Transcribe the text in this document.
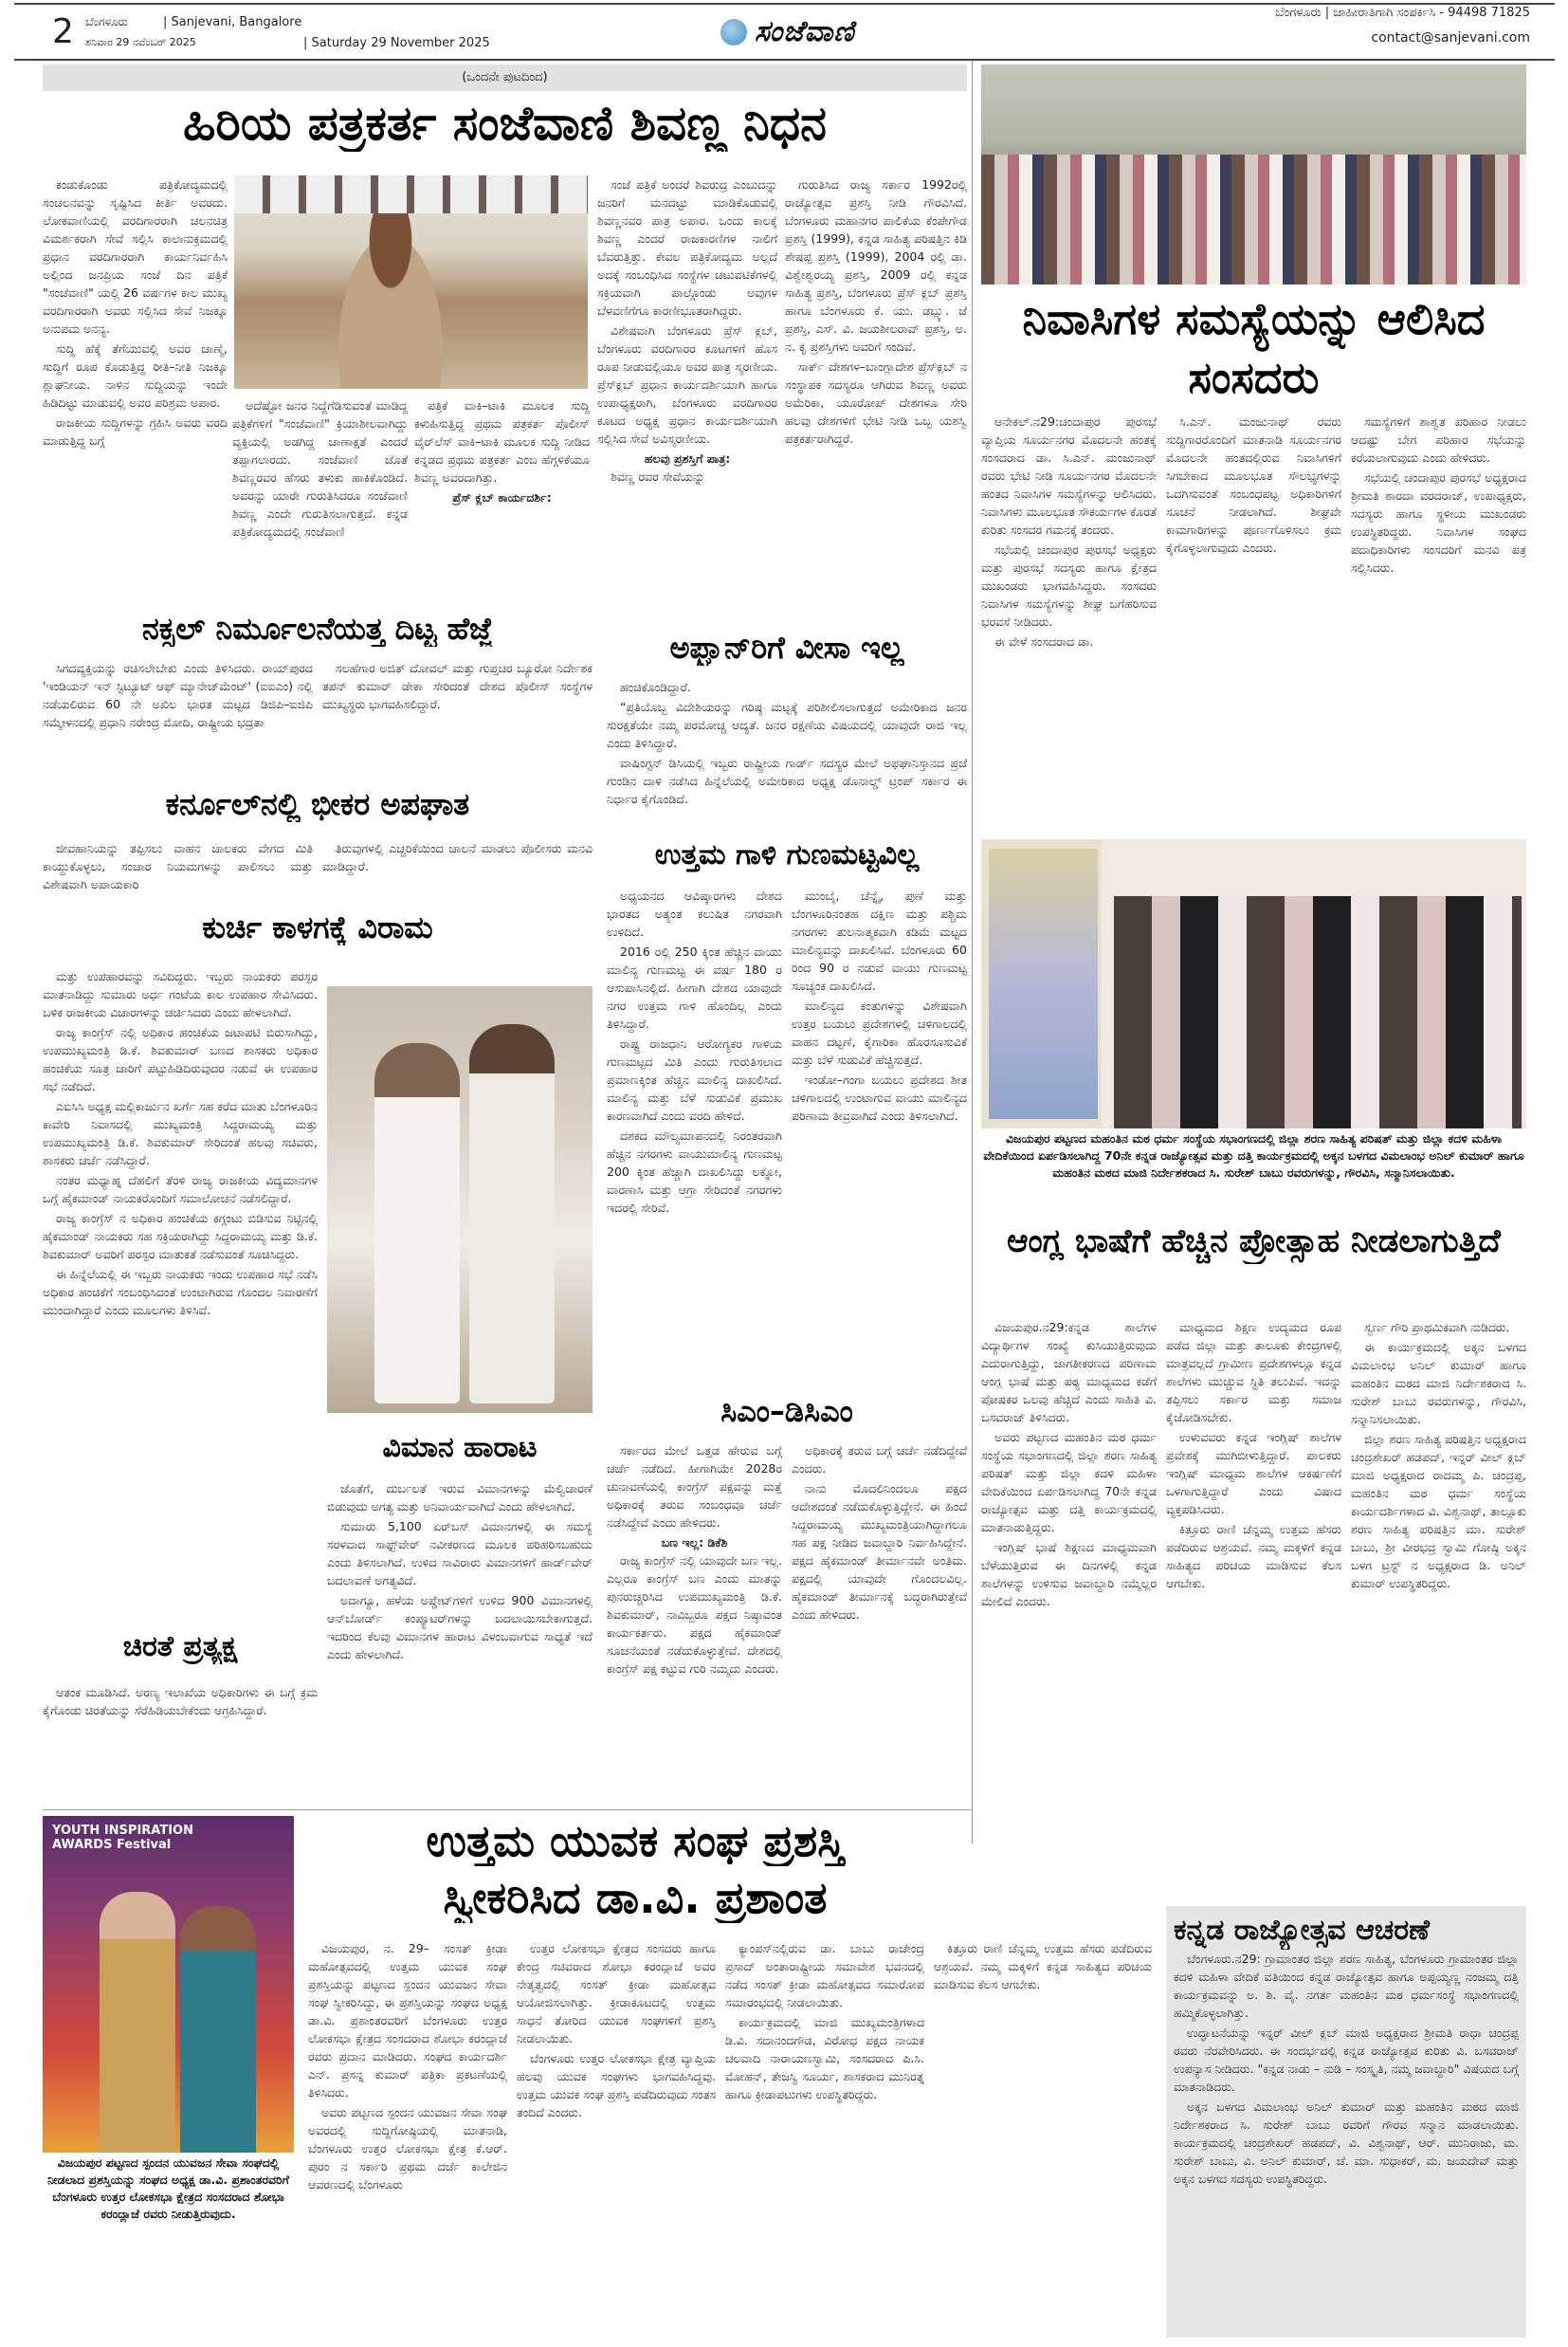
2 ಬೆಂಗಳೂರು	| Sanjevani, Bangalore
ಶನಿವಾರ 29 ನವೆಂಬರ್ 2025	| Saturday 29 November 2025	ಸಂಜೆವಾಣಿ
ಬೆಂಗಳೂರು | ಜಾಹೀರಾತಿಗಾಗಿ ಸಂಪರ್ಕಿಸಿ - 94498 71825
contact@sanjevani.com
(ಒಂದನೇ ಪುಟದಿಂದ)
ಹಿರಿಯ ಪತ್ರಕರ್ತ ಸಂಜೆವಾಣಿ ಶಿವಣ್ಣ ನಿಧನ

ಕಂಡುಕೊಂಡು ಪತ್ರಿಕೋದ್ಯಮದಲ್ಲಿ ಸಂಚಲನವನ್ನು ಸೃಷ್ಟಿಸಿದ ಕೀರ್ತಿ ಅವರದು. ಲೋಕವಾಣಿಯಲ್ಲಿ ವರದಿಗಾರರಾಗಿ ಚಲನಚಿತ್ರ ವಿಮರ್ಶಕರಾಗಿ ಸೇವೆ ಸಲ್ಲಿಸಿ ಕಾಲಾನುಕ್ರಮದಲ್ಲಿ ಪ್ರಧಾನ ವರದಿಗಾರರಾಗಿ ಕಾರ್ಯನಿರ್ವಹಿಸಿ ಅಲ್ಲಿಂದ ಜನಪ್ರಿಯ ಸಂಜೆ ದಿನ ಪತ್ರಿಕೆ "ಸಂಜೆವಾಣಿ" ಯಲ್ಲಿ 26 ವರ್ಷಗಳ ಕಾಲ ಮುಖ್ಯ ವರದಿಗಾರರಾಗಿ ಅವರು ಸಲ್ಲಿಸಿದ ಸೇವೆ ನಿಜಕ್ಕೂ ಅನುಪಮ ಅನನ್ಯ.

ಸುದ್ದಿ ಹೆಕ್ಕೆ ತೆಗೆಯುವಲ್ಲಿ ಅವರ ಜಾಣ್ಮೆ, ಸುದ್ದಿಗೆ ರೂಪ ಕೊಡುತ್ತಿದ್ದ ರೀತಿ–ನೀತಿ ನಿಜಕ್ಕೂ ಶ್ಲಾಘನೀಯ. ನಾಳಿನ ಸುದ್ದಿಯನ್ನು ಇಂದೇ ಹಿಡಿದಿಟ್ಟು ಮಾಡುವಲ್ಲಿ ಅವರ ಪರಿಶ್ರಮ ಅಪಾರ.

ರಾಜಕೀಯ ಸುದ್ದಿಗಳನ್ನು ಗ್ರಹಿಸಿ ಅವರು ವರದಿ ಮಾಡುತ್ತಿದ್ದ ಬಗ್ಗೆ

ಅದೆಷ್ಟೋ ಜನರ ನಿದ್ದೆಗೆಡಿಸುವಂತೆ ಮಾಡಿದ್ದ ಪತ್ರಿಕೆಗಳಿಗೆ "ಸಂಜೆವಾಣಿ" ಕ್ರಿಯಾಶೀಲವಾಗಿದ್ದು ವ್ಯಕ್ತಿಯಲ್ಲಿ ಅಡಗಿದ್ದ ಚಾಣಾಕ್ಷತೆ ಎಂದರೆ ತಪ್ಪಾಗಲಾರದು. ಸಂಜೆವಾಣಿ ಜೊತೆ ಶಿವಣ್ಣರವರ ಹೆಸರು ತಳುಕು ಹಾಕಿಕೊಂಡಿದೆ. ಅವರನ್ನು ಯಾರೇ ಗುರುತಿಸಿದರೂ ಸಂಜೆವಾಣಿ ಶಿವಣ್ಣ ಎಂದೇ ಗುರುತಿಸಲಾಗುತ್ತದೆ. ಕನ್ನಡ ಪತ್ರಿಕೋದ್ಯಮದಲ್ಲಿ ಸಂಜೆವಾಣಿ

ಪತ್ರಿಕೆ ವಾಕಿ–ಟಾಕಿ ಮೂಲಕ ಸುದ್ದಿ ಕಳುಹಿಸುತ್ತಿದ್ದ ಪ್ರಥಮ ಪತ್ರಕರ್ತ ಪೊಲೀಸ್ ವೈರ್‌ಲೆಸ್ ವಾಕಿ–ಟಾಕಿ ಮೂಲಕ ಸುದ್ದಿ ನೀಡಿದ ಕನ್ನಡದ ಪ್ರಥಮ ಪತ್ರಕರ್ತ ಎಂಬ ಹೆಗ್ಗಳಿಕೆಯೂ ಶಿವಣ್ಣ ಅವರದಾಗಿತ್ತು.

ಪ್ರೆಸ್ ಕ್ಲಬ್ ಕಾರ್ಯದರ್ಶಿ:

ಸಂಜೆ ಪತ್ರಿಕೆ ಅಂದರೆ ಶಿವರುದ್ರ ಎಂಬುದನ್ನು ಜನರಿಗೆ ಮನದಟ್ಟು ಮಾಡಿಕೊಡುವಲ್ಲಿ ಶಿವಣ್ಣನವರ ಪಾತ್ರ ಅಪಾರ. ಒಂದು ಕಾಲಕ್ಕೆ ಶಿವಣ್ಣ ಎಂದರೆ ರಾಜಕಾರಣಿಗಳ ನಾಲಿಗೆ ಬೆವರುತ್ತಿತ್ತು. ಕೇವಲ ಪತ್ರಿಕೋದ್ಯಮ ಅಲ್ಲದೆ ಅದಕ್ಕೆ ಸಂಬಂಧಿಸಿದ ಸಂಸ್ಥೆಗಳ ಚಟುವಟಿಕೆಗಳಲ್ಲಿ ಸಕ್ರಿಯವಾಗಿ ಪಾಲ್ಗೊಂಡು ಅವುಗಳ ಬೆಳವಣಿಗೆಗೂ ಕಾರಣೀಭೂತರಾಗಿದ್ದರು.

ವಿಶೇಷವಾಗಿ ಬೆಂಗಳೂರು ಪ್ರೆಸ್ ಕ್ಲಬ್, ಬೆಂಗಳೂರು ವರದಿಗಾರರ ಕೂಟಗಳಿಗೆ ಹೊಸ ರೂಪ ನೀಡುವಲ್ಲಿಯೂ ಅವರ ಪಾತ್ರ ಸ್ಮರಣೀಯ. ಪ್ರೆಸ್‌ಕ್ಲಬ್ ಪ್ರಧಾನ ಕಾರ್ಯದರ್ಶಿಯಾಗಿ ಹಾಗೂ ಉಪಾಧ್ಯಕ್ಷರಾಗಿ, ಬೆಂಗಳೂರು ವರದಿಗಾರರ ಕೂಟದ ಅಧ್ಯಕ್ಷ ಪ್ರಧಾನ ಕಾರ್ಯದರ್ಶಿಯಾಗಿ ಸಲ್ಲಿಸಿದ ಸೇವೆ ಅವಿಸ್ಮರಣೀಯ.

ಹಲವು ಪ್ರಶಸ್ತಿಗೆ ಪಾತ್ರ:

ಶಿವಣ್ಣ ರವರ ಸೇವೆಯನ್ನು

ಗುರುತಿಸಿದ ರಾಜ್ಯ ಸರ್ಕಾರ 1992ರಲ್ಲಿ ರಾಜ್ಯೋತ್ಸವ ಪ್ರಶಸ್ತಿ ನೀಡಿ ಗೌರವಿಸಿದೆ. ಬೆಂಗಳೂರು ಮಹಾನಗರ ಪಾಲಿಕೆಯ ಕೆಂಪೇಗೌಡ ಪ್ರಶಸ್ತಿ (1999), ಕನ್ನಡ ಸಾಹಿತ್ಯ ಪರಿಷತ್ತಿನ ಕಿಡಿ ಶೇಷಪ್ಪ ಪ್ರಶಸ್ತಿ (1999), 2004 ರಲ್ಲಿ ಡಾ. ವಿಶ್ವೇಶ್ವರಯ್ಯ ಪ್ರಶಸ್ತಿ, 2009 ರಲ್ಲಿ ಕನ್ನಡ ಸಾಹಿತ್ಯ ಪ್ರಶಸ್ತಿ, ಬೆಂಗಳೂರು ಪ್ರೆಸ್ ಕ್ಲಬ್ ಪ್ರಶಸ್ತಿ ಹಾಗೂ ಬೆಂಗಳೂರು ಕೆ. ಯು. ಡಬ್ಲ್ಯು. ಜೆ ಪ್ರಶಸ್ತಿ, ಎಸ್. ವಿ. ಜಯಶೀಲರಾವ್ ಪ್ರಶಸ್ತಿ, ಅ. ನ. ಕೃ ಪ್ರಶಸ್ತಿಗಳು ಅವರಿಗೆ ಸಂದಿವೆ.

ಸಾರ್ಕ್ ದೇಶಗಳ–ಬಾಂಗ್ಲಾದೇಶ ಪ್ರೆಸ್‌ಕ್ಲಬ್ ನ ಸಂಸ್ಥಾಪಕ ಸದಸ್ಯರೂ ಆಗಿರುವ ಶಿವಣ್ಣ ಅವರು ಅಮೆರಿಕಾ, ಯೂರೋಪ್ ದೇಶಗಳೂ ಸೇರಿ ಹಲವು ದೇಶಗಳಿಗೆ ಭೇಟಿ ನೀಡಿ ಒಬ್ಬ ಯಶಸ್ವಿ ಪತ್ರಕರ್ತರಾಗಿದ್ದರೆ.

ನಕ್ಸಲ್ ನಿರ್ಮೂಲನೆಯತ್ತ ದಿಟ್ಟ ಹೆಜ್ಜೆ

ಸಿಗದವ್ಯಕ್ತಿಯನ್ನು ರಚಿಸಲೇಬೇಕು ಎಂದು ತಿಳಿಸಿದರು. ರಾಯ್‌ಪುರದ 'ಇಂಡಿಯನ್ ಇನ್ ಸ್ಟಿಟ್ಯೂಟ್ ಆಫ್ ಮ್ಯಾನೇಜ್‌ಮೆಂಟ್' (ಐಐಎಂ) ನಲ್ಲಿ ನಡೆಯಲಿರುವ 60 ನೇ ಅಖಿಲ ಭಾರತ ಮಟ್ಟದ ಡಿಜಿಪಿ–ಐಜಿಪಿ ಸಮ್ಮೇಳನದಲ್ಲಿ ಪ್ರಧಾನಿ ನರೇಂದ್ರ ಮೋದಿ, ರಾಷ್ಟ್ರೀಯ ಭದ್ರತಾ

ಸಲಹೆಗಾರ ಅಜಿತ್ ದೋವಲ್ ಮತ್ತು ಗುಪ್ತಚರ ಬ್ಯೂರೋ ನಿರ್ದೇಶಕ ತಪನ್ ಕುಮಾರ್ ಡೇಕಾ ಸೇರಿದಂತೆ ದೇಶದ ಪೊಲೀಸ್ ಸಂಸ್ಥೆಗಳ ಮುಖ್ಯಸ್ಥರು ಭಾಗವಹಿಸಲಿದ್ದಾರೆ.

ಕರ್ನೂಲ್‌ನಲ್ಲಿ ಭೀಕರ ಅಪಘಾತ

ಜೀವಹಾನಿಯನ್ನು ತಪ್ಪಿಸಲು ವಾಹನ ಚಾಲಕರು ವೇಗದ ಮಿತಿ ಕಾಯ್ದುಕೊಳ್ಳಲು, ಸಂಚಾರ ನಿಯಮಗಳನ್ನು ಪಾಲಿಸಲು ಮತ್ತು ವಿಶೇಷವಾಗಿ ಅಪಾಯಕಾರಿ

ತಿರುವುಗಳಲ್ಲಿ ಎಚ್ಚರಿಕೆಯಿಂದ ಚಾಲನೆ ಮಾಡಲು ಪೊಲೀಸರು ಮನವಿ ಮಾಡಿದ್ದಾರೆ.

ಅಫ್ಘಾನ್‌ರಿಗೆ ವೀಸಾ ಇಲ್ಲ

ಹಂಚಿಕೊಂಡಿದ್ದಾರೆ.

“ಪ್ರತಿಯೊಬ್ಬ ವಿದೇಶಿಯರನ್ನು ಗರಿಷ್ಠ ಮಟ್ಟಕ್ಕೆ ಪರಿಶೀಲಿಸಲಾಗುತ್ತದೆ ಅಮೇರಿಕಾದ ಜನರ ಸುರಕ್ಷತೆಯೇ ನಮ್ಮ ಪರಮೋಚ್ಚ ಆದ್ಯತೆ. ಜನರ ರಕ್ಷಣೆಯ ವಿಷಯದಲ್ಲಿ ಯಾವುದೇ ರಾಜಿ ಇಲ್ಲ ಎಂದು ತಿಳಿಸಿದ್ದಾರೆ.

ವಾಷಿಂಗ್ಟನ್ ಡಿಸಿಯಲ್ಲಿ ಇಬ್ಬರು ರಾಷ್ಟ್ರೀಯ ಗಾರ್ಡ್ ಸದಸ್ಯರ ಮೇಲೆ ಅಫಘಾನಿಸ್ತಾನದ ಪ್ರಜೆ ಗುಂಡಿನ ದಾಳಿ ನಡೆಸಿದ ಹಿನ್ನೆಲೆಯಲ್ಲಿ ಅಮೇರಿಕಾದ ಅಧ್ಯಕ್ಷ ಡೊನಾಲ್ಡ್ ಟ್ರಂಪ್ ಸರ್ಕಾರ ಈ ನಿರ್ಧಾರ ಕೈಗೊಂಡಿದೆ.

ಉತ್ತಮ ಗಾಳಿ ಗುಣಮಟ್ಟವಿಲ್ಲ

ಅಧ್ಯಯನದ ಆವಿಷ್ಕಾರಗಳು ದೇಶದ ಭಾರತದ ಅತ್ಯಂತ ಕಲುಷಿತ ನಗರವಾಗಿ ಉಳಿದಿದೆ.

2016 ರಲ್ಲಿ 250 ಕ್ಕಿಂತ ಹೆಚ್ಚಿನ ವಾಯು ಮಾಲಿನ್ಯ ಗುಣಮಟ್ಟ ಈ ವರ್ಷ 180 ರ ಆಸುಪಾಸಿನಲ್ಲಿದೆ. ಹೀಗಾಗಿ ದೇಶದ ಯಾವುದೇ ನಗರ ಉತ್ತಮ ಗಾಳಿ ಹೊಂದಿಲ್ಲ ಎಂದು ತಿಳಿಸಿದ್ದಾರೆ.

ರಾಷ್ಟ್ರ ರಾಜಧಾನಿ ಆರೋಗ್ಯಕರ ಗಾಳಿಯ ಗುಣಮಟ್ಟದ ಮಿತಿ ಎಂದು ಗುರುತಿಸಲಾದ ಪ್ರಮಾಣಕ್ಕಿಂತ ಹೆಚ್ಚಿನ ಮಾಲಿನ್ಯ ದಾಖಲಿಸಿದೆ. ಮಾಲಿನ್ಯ ಮತ್ತು ಬೆಳೆ ಸುಡುವಿಕೆ ಪ್ರಮುಖ ಕಾರಣವಾಗಿದೆ ಎಂದು ವರದಿ ಹೇಳಿದೆ.

ದಶಕದ ಮೌಲ್ಯಮಾಪನದಲ್ಲಿ ನಿರಂತರವಾಗಿ ಹೆಚ್ಚಿನ ನಗರಗಳು ವಾಯುಮಾಲಿನ್ಯ ಗುಣಮಟ್ಟ 200 ಕ್ಕಿಂತ ಹೆಚ್ಚಾಗಿ ದಾಖಲಿಸಿದ್ದು ಲಕ್ನೋ, ವಾರಣಾಸಿ ಮತ್ತು ಆಗ್ರಾ ಸೇರಿದಂತೆ ನಗರಗಳು ಇದರಲ್ಲಿ ಸೇರಿವೆ.

ಮುಂಬೈ, ಚೆನ್ನೈ, ಪುಣೆ ಮತ್ತು ಬೆಂಗಳೂರಿನಂತಹ ದಕ್ಷಿಣ ಮತ್ತು ಪಶ್ಚಿಮ ನಗರಗಳು ತುಲನಾತ್ಮಕವಾಗಿ ಕಡಿಮೆ ಮಟ್ಟದ ಮಾಲಿನ್ಯವನ್ನು ದಾಖಲಿಸಿವೆ. ಬೆಂಗಳೂರು 60 ರಿಂದ 90 ರ ನಡುವೆ ವಾಯು ಗುಣಮಟ್ಟ ಸೂಚ್ಯಂಕ ದಾಖಲಿಸಿದೆ.

ಮಾಲಿನ್ಯದ ಕಂತುಗಳನ್ನು ವಿಶೇಷವಾಗಿ ಉತ್ತರ ಬಯಲು ಪ್ರದೇಶಗಳಲ್ಲಿ ಚಳಿಗಾಲದಲ್ಲಿ ವಾಹನ ದಟ್ಟಣೆ, ಕೈಗಾರಿಕಾ ಹೊರಸೂಸುವಿಕೆ ಮತ್ತು ಬೆಳೆ ಸುಡುವಿಕೆ ಹೆಚ್ಚಿಸುತ್ತದೆ.

ಇಂಡೋ–ಗಂಗಾ ಬಯಲು ಪ್ರದೇಶದ ಶೀತ ಚಳಿಗಾಲದಲ್ಲಿ ಉಂಟಾಗುವ ವಾಯು ಮಾಲಿನ್ಯದ ಪರಿಣಾಮ ತೀವ್ರವಾಗಿದೆ ಎಂದು ತಿಳಿಸಲಾಗಿದೆ.

ಕುರ್ಚಿ ಕಾಳಗಕ್ಕೆ ವಿರಾಮ

ಮತ್ತು ಉಪಹಾರವನ್ನು ಸವಿದಿದ್ದರು. ಇಬ್ಬರು ನಾಯಕರು ಪರಸ್ಪರ ಮಾತನಾಡಿದ್ದು ಸುಮಾರು ಅರ್ಧ ಗಂಟೆಯ ಕಾಲ ಉಪಹಾರ ಸೇವಿಸಿದರು. ಬಳಿಕ ರಾಜಕೀಯ ವಿಚಾರಗಳನ್ನು ಚರ್ಚಿಸಿದರು ಎಂದು ಹೇಳಲಾಗಿದೆ.

ರಾಜ್ಯ ಕಾಂಗ್ರೆಸ್ ನಲ್ಲಿ ಅಧಿಕಾರ ಹಂಚಿಕೆಯ ಜಟಾಪಟಿ ಬಿರುಸಾಗಿದ್ದು, ಉಪಮುಖ್ಯಮಂತ್ರಿ ಡಿ.ಕೆ. ಶಿವಕುಮಾರ್ ಬಣದ ಶಾಸಕರು ಅಧಿಕಾರ ಹಂಚಿಕೆಯ ಸೂತ್ರ ಜಾರಿಗೆ ಪಟ್ಟುಹಿಡಿದಿರುವುದರ ನಡುವೆ ಈ ಉಪಹಾರ ಸಭೆ ನಡೆದಿದೆ.

ಎಐಸಿಸಿ ಅಧ್ಯಕ್ಷ ಮಲ್ಲಿಕಾರ್ಜುನ ಖರ್ಗೆ ಸಹ ಕರೆದ ಮಾತು ಬೆಂಗಳೂರಿನ ಕಾವೇರಿ ನಿವಾಸದಲ್ಲಿ ಮುಖ್ಯಮಂತ್ರಿ ಸಿದ್ದರಾಮಯ್ಯ ಮತ್ತು ಉಪಮುಖ್ಯಮಂತ್ರಿ ಡಿ.ಕೆ. ಶಿವಕುಮಾರ್ ಸೇರಿದಂತೆ ಹಲವು ಸಚಿವರು, ಶಾಸಕರು ಚರ್ಚೆ ನಡೆಸಿದ್ದಾರೆ.

ನಂತರ ಮಧ್ಯಾಹ್ನ ದೆಹಲಿಗೆ ತೆರಳಿ ರಾಜ್ಯ ರಾಜಕೀಯ ವಿದ್ಯಮಾನಗಳ ಬಗ್ಗೆ ಹೈಕಮಾಂಡ್ ನಾಯಕರೊಂದಿಗೆ ಸಮಾಲೋಚನೆ ನಡೆಸಲಿದ್ದಾರೆ.

ರಾಜ್ಯ ಕಾಂಗ್ರೆಸ್ ನ ಅಧಿಕಾರ ಹಂಚಿಕೆಯ ಕಗ್ಗಂಟು ಬಿಡಿಸುವ ನಿಟ್ಟಿನಲ್ಲಿ ಹೈಕಮಾಂಡ್ ನಾಯಕರು ಸಹ ಸಕ್ರಿಯರಾಗಿದ್ದು ಸಿದ್ದರಾಮಯ್ಯ ಮತ್ತು ಡಿ.ಕೆ. ಶಿವಕುಮಾರ್ ಅವರಿಗೆ ಪರಸ್ಪರ ಮಾತುಕತೆ ನಡೆಸುವಂತೆ ಸೂಚಿಸಿದ್ದರು.

ಈ ಹಿನ್ನೆಲೆಯಲ್ಲಿ ಈ ಇಬ್ಬರು ನಾಯಕರು ಇಂದು ಉಪಹಾರ ಸಭೆ ನಡೆಸಿ ಅಧಿಕಾರ ಹಂಚಿಕೆಗೆ ಸಂಬಂಧಿಸಿದಂತೆ ಉಂಟಾಗಿರುವ ಗೊಂದಲ ನಿವಾರಣೆಗೆ ಮುಂದಾಗಿದ್ದಾರೆ ಎಂದು ಮೂಲಗಳು ತಿಳಿಸಿವೆ.

ವಿಮಾನ ಹಾರಾಟ

ಜೊತೆಗೆ, ದುರ್ಬಲತೆ ಇರುವ ವಿಮಾನಗಳನ್ನು ಮೆಲ್ವಿಚಾರಣೆ ಬಿಡುವುದು ಅಗತ್ಯ ಮತ್ತು ಅನಿವಾರ್ಯವಾಗಿದೆ ಎಂದು ಹೇಳಲಾಗಿದೆ.

ಸುಮಾರು 5,100 ಏರ್‌ಬಸ್ ವಿಮಾನಗಳಲ್ಲಿ ಈ ಸಮಸ್ಯೆ ಸರಳವಾದ ಸಾಫ್ಟ್‌ವೇರ್ ನವೀಕರಣದ ಮೂಲಕ ಪರಿಹರಿಸಬಹುದು ಎಂದು ತಿಳಿಸಲಾಗಿದೆ. ಉಳಿದ ಸಾವಿರಾರು ವಿಮಾನಗಳಿಗೆ ಹಾರ್ಡ್‌ವೇರ್ ಬದಲಾವಣೆ ಅಗತ್ಯವಿದೆ.

ಅದಾಗ್ಯೂ, ಹಳೆಯ ಅಪ್ಡೇಟ್‌ಗಳಿಗೆ ಉಳಿದ 900 ವಿಮಾನಗಳಲ್ಲಿ ಆನ್‌ಬೋರ್ಡ್ ಕಂಪ್ಯೂಟರ್‌ಗಳನ್ನು ಬದಲಾಯಿಸಬೇಕಾಗುತ್ತದೆ. ಇದರಿಂದ ಕೆಲವು ವಿಮಾನಗಳ ಹಾರಾಟ ವಿಳಂಬವಾಗುವ ಸಾಧ್ಯತೆ ಇದೆ ಎಂದು ಹೇಳಲಾಗಿದೆ.

ಚಿರತೆ ಪ್ರತ್ಯಕ್ಷ

ಆತಂಕ ಮೂಡಿಸಿದೆ. ಅರಣ್ಯ ಇಲಾಖೆಯ ಅಧಿಕಾರಿಗಳು ಈ ಬಗ್ಗೆ ಕ್ರಮ ಕೈಗೊಂಡು ಚಿರತೆಯನ್ನು ಸೆರೆಹಿಡಿಯಬೇಕೆಂದು ಆಗ್ರಹಿಸಿದ್ದಾರೆ.

ಸಿಎಂ–ಡಿಸಿಎಂ

ಸರ್ಕಾರದ ಮೇಲೆ ಒತ್ತಡ ಹೇರುವ ಬಗ್ಗೆ ಚರ್ಚೆ ನಡೆದಿದೆ. ಹೀಗಾಗಿಯೇ 2028ರ ಚುನಾವಣೆಯಲ್ಲಿ ಕಾಂಗ್ರೆಸ್ ಪಕ್ಷವನ್ನು ಮತ್ತೆ ಅಧಿಕಾರಕ್ಕೆ ತರುವ ಸಂಬಂಧವೂ ಚರ್ಚೆ ನಡೆಸಿದ್ದೇವೆ ಎಂದು ಹೇಳಿದರು.

ಬಣ ಇಲ್ಲ: ಡಿಕೆಶಿ

ರಾಜ್ಯ ಕಾಂಗ್ರೆಸ್ ನಲ್ಲಿ ಯಾವುದೇ ಬಣ ಇಲ್ಲ. ಎಲ್ಲರೂ ಕಾಂಗ್ರೆಸ್ ಬಣ ಎಂದು ಮಾತನ್ನು ಪುನರುಚ್ಚರಿಸಿದ ಉಪಮುಖ್ಯಮಂತ್ರಿ ಡಿ.ಕೆ. ಶಿವಕುಮಾರ್, ನಾವಿಬ್ಬರೂ ಪಕ್ಷದ ನಿಷ್ಠಾವಂತ ಕಾರ್ಯಕರ್ತರು. ಪಕ್ಷದ ಹೈಕಮಾಂಡ್ ಸೂಚನೆಯಂತೆ ನಡೆದುಕೊಳ್ಳುತ್ತೇವೆ. ದೇಶದಲ್ಲಿ ಕಾಂಗ್ರೆಸ್ ಪಕ್ಷ ಕಟ್ಟುವ ಗುರಿ ನಮ್ಮದು ಎಂದರು.

ಅಧಿಕಾರಕ್ಕೆ ತರುವ ಬಗ್ಗೆ ಚರ್ಚೆ ನಡೆದಿದ್ದೇವೆ ಎಂದರು.

ನಾನು ಮೊದಲಿನಿಂದಲೂ ಪಕ್ಷದ ಆದೇಶದಂತೆ ನಡೆದುಕೊಳ್ಳುತ್ತಿದ್ದೇನೆ. ಈ ಹಿಂದೆ ಸಿದ್ದರಾಮಯ್ಯ ಮುಖ್ಯಮಂತ್ರಿಯಾಗಿದ್ದಾಗಲೂ ಸಹ ಪಕ್ಷ ನೀಡಿದ ಜವಾಬ್ದಾರಿ ನಿರ್ವಹಿಸಿದ್ದೇನೆ. ಪಕ್ಷದ ಹೈಕಮಾಂಡ್ ತೀರ್ಮಾನವೇ ಅಂತಿಮ. ಪಕ್ಷದಲ್ಲಿ ಯಾವುದೇ ಗೊಂದಲವಿಲ್ಲ. ಹೈಕಮಾಂಡ್ ತೀರ್ಮಾನಕ್ಕೆ ಬದ್ಧರಾಗಿರುತ್ತೇವೆ ಎಂದು ಹೇಳಿದರು.

ನಿವಾಸಿಗಳ ಸಮಸ್ಯೆಯನ್ನು ಆಲಿಸಿದ ಸಂಸದರು

ಆನೇಕಲ್.ನ29:ಚಂದಾಪುರ ಪುರಸಭೆ ವ್ಯಾಪ್ತಿಯ ಸೂರ್ಯನಗರ ಮೊದಲನೇ ಹಂತಕ್ಕೆ ಸಂಸದರಾದ ಡಾ. ಸಿ.ಎನ್. ಮಂಜುನಾಥ್ ರವರು ಭೇಟಿ ನೀಡಿ ಸೂರ್ಯನಗರ ಮೊದಲನೇ ಹಂತದ ನಿವಾಸಿಗಳ ಸಮಸ್ಯೆಗಳನ್ನು ಆಲಿಸಿದರು. ನಿವಾಸಿಗಳು ಮೂಲಭೂತ ಸೌಕರ್ಯಗಳ ಕೊರತೆ ಕುರಿತು ಸಂಸದರ ಗಮನಕ್ಕೆ ತಂದರು.

ಸಭೆಯಲ್ಲಿ ಚಂದಾಪುರ ಪುರಸಭೆ ಅಧ್ಯಕ್ಷರು ಮತ್ತು ಪುರಸಭೆ ಸದಸ್ಯರು ಹಾಗೂ ಕ್ಷೇತ್ರದ ಮುಖಂಡರು ಭಾಗವಹಿಸಿದ್ದರು. ಸಂಸದರು ನಿವಾಸಿಗಳ ಸಮಸ್ಯೆಗಳನ್ನು ಶೀಘ್ರ ಬಗೆಹರಿಸುವ ಭರವಸೆ ನೀಡಿದರು.

ಈ ವೇಳೆ ಸಂಸದರಾದ ಡಾ.

ಸಿ.ಎನ್. ಮಂಜುನಾಥ್ ರವರು ಸುದ್ದಿಗಾರರೊಂದಿಗೆ ಮಾತನಾಡಿ ಸೂರ್ಯನಗರ ಮೊದಲನೇ ಹಂತದಲ್ಲಿರುವ ನಿವಾಸಿಗಳಿಗೆ ಸಿಗಬೇಕಾದ ಮೂಲಭೂತ ಸೌಲಭ್ಯಗಳನ್ನು ಒದಗಿಸುವಂತೆ ಸಂಬಂಧಪಟ್ಟ ಅಧಿಕಾರಿಗಳಿಗೆ ಸೂಚನೆ ನೀಡಲಾಗಿದೆ. ಶೀಘ್ರವೇ ಕಾಮಗಾರಿಗಳನ್ನು ಪೂರ್ಣಗೊಳಿಸಲು ಕ್ರಮ ಕೈಗೊಳ್ಳಲಾಗುವುದು ಎಂದರು.

ಸಮಸ್ಯೆಗಳಿಗೆ ಶಾಶ್ವತ ಪರಿಹಾರ ನೀಡಲು ಆದಷ್ಟು ಬೇಗ ಪರಿಹಾರ ಸಭೆಯನ್ನು ಕರೆಯಲಾಗುವುದು ಎಂದು ಹೇಳಿದರು.

ಸಭೆಯಲ್ಲಿ ಚಂದಾಪುರ ಪುರಸಭೆ ಅಧ್ಯಕ್ಷರಾದ ಶ್ರೀಮತಿ ಶಾರದಾ ವರದರಾಜ್, ಉಪಾಧ್ಯಕ್ಷರು, ಸದಸ್ಯರು ಹಾಗೂ ಸ್ಥಳೀಯ ಮುಖಂಡರು ಉಪಸ್ಥಿತರಿದ್ದರು. ನಿವಾಸಿಗಳ ಸಂಘದ ಪದಾಧಿಕಾರಿಗಳು ಸಂಸದರಿಗೆ ಮನವಿ ಪತ್ರ ಸಲ್ಲಿಸಿದರು.

ವಿಜಯಪುರ ಪಟ್ಟಣದ ಮಹಂತಿನ ಮಠ ಧರ್ಮ ಸಂಸ್ಥೆಯ ಸಭಾಂಗಣದಲ್ಲಿ ಜಿಲ್ಲಾ ಶರಣ ಸಾಹಿತ್ಯ ಪರಿಷತ್ ಮತ್ತು ಜಿಲ್ಲಾ ಕದಳಿ ಮಹಿಳಾ ವೇದಿಕೆಯಿಂದ ಏರ್ಪಡಿಸಲಾಗಿದ್ದ 70ನೇ ಕನ್ನಡ ರಾಜ್ಯೋತ್ಸವ ಮತ್ತು ದತ್ತಿ ಕಾರ್ಯಕ್ರಮದಲ್ಲಿ ಅಕ್ಕನ ಬಳಗದ ವಿಮಲಾಂಭ ಅನಿಲ್ ಕುಮಾರ್ ಹಾಗೂ ಮಹಂತಿನ ಮಠದ ಮಾಜಿ ನಿರ್ದೇಶಕರಾದ ಸಿ. ಸುರೇಶ್ ಬಾಬು ರವರುಗಳನ್ನು, ಗೌರವಿಸಿ, ಸನ್ಮಾನಿಸಲಾಯಿತು.
ಆಂಗ್ಲ ಭಾಷೆಗೆ ಹೆಚ್ಚಿನ ಪ್ರೋತ್ಸಾಹ ನೀಡಲಾಗುತ್ತಿದೆ

ವಿಜಯಪುರ.ನ29:ಕನ್ನಡ ಶಾಲೆಗಳ ವಿದ್ಯಾರ್ಥಿಗಳ ಸಂಖ್ಯೆ ಕುಸಿಯುತ್ತಿರುವುದು ಎದುರಾಗುತ್ತಿದ್ದು, ಜಾಗತೀಕರಣದ ಪರಿಣಾಮ ಆಂಗ್ಲ ಭಾಷೆ ಮತ್ತು ಪಠ್ಯ ಮಾಧ್ಯಮದ ಕಡೆಗೆ ಪೋಷಕರ ಒಲವು ಹೆಚ್ಚಿದೆ ಎಂದು ಸಾಹಿತಿ ವಿ. ಬಸವರಾಜ್ ತಿಳಿಸಿದರು.

ಅವರು ಪಟ್ಟಣದ ಮಹಂತಿನ ಮಠ ಧರ್ಮ ಸಂಸ್ಥೆಯ ಸಭಾಂಗಣದಲ್ಲಿ ಜಿಲ್ಲಾ ಶರಣ ಸಾಹಿತ್ಯ ಪರಿಷತ್ ಮತ್ತು ಜಿಲ್ಲಾ ಕದಳಿ ಮಹಿಳಾ ವೇದಿಕೆಯಿಂದ ಏರ್ಪಡಿಸಲಾಗಿದ್ದ 70ನೇ ಕನ್ನಡ ರಾಜ್ಯೋತ್ಸವ ಮತ್ತು ದತ್ತಿ ಕಾರ್ಯಕ್ರಮದಲ್ಲಿ ಮಾತನಾಡುತ್ತಿದ್ದರು.

ಇಂಗ್ಲಿಷ್ ಭಾಷೆ ಶಿಕ್ಷಣದ ಮಾಧ್ಯಮವಾಗಿ ಬೆಳೆಯುತ್ತಿರುವ ಈ ದಿನಗಳಲ್ಲಿ ಕನ್ನಡ ಶಾಲೆಗಳನ್ನು ಉಳಿಸುವ ಜವಾಬ್ದಾರಿ ನಮ್ಮೆಲ್ಲರ ಮೇಲಿದೆ ಎಂದರು.

ಮಾಧ್ಯಮದ ಶಿಕ್ಷಣ ಉದ್ಯಮದ ರೂಪ ಪಡೆದ ಜಿಲ್ಲಾ ಮತ್ತು ತಾಲೂಕು ಕೇಂದ್ರಗಳಲ್ಲಿ ಮಾತ್ರವಲ್ಲದೆ ಗ್ರಾಮೀಣ ಪ್ರದೇಶಗಳಲ್ಲೂ ಕನ್ನಡ ಶಾಲೆಗಳು ಮುಚ್ಚುವ ಸ್ಥಿತಿ ತಲುಪಿವೆ. ಇದನ್ನು ತಪ್ಪಿಸಲು ಸರ್ಕಾರ ಮತ್ತು ಸಮಾಜ ಕೈಜೋಡಿಸಬೇಕು.

ಉಳುವವರು ಕನ್ನಡ ಇಂಗ್ಲಿಷ್ ಶಾಲೆಗಳ ಪ್ರವೇಶಕ್ಕೆ ಮುಗಿಬೀಳುತ್ತಿದ್ದಾರೆ. ಪಾಲಕರು ಇಂಗ್ಲಿಷ್ ಮಾಧ್ಯಮ ಶಾಲೆಗಳ ಆಕರ್ಷಣೆಗೆ ಒಳಗಾಗುತ್ತಿದ್ದಾರೆ ಎಂದು ವಿಷಾದ ವ್ಯಕ್ತಪಡಿಸಿದರು.

ಕಿತ್ತೂರು ರಾಣಿ ಚೆನ್ನಮ್ಮ ಉತ್ತಮ ಹೆಸರು ಪಡೆದಿರುವ ಆಶ್ರಯವೆ. ನಮ್ಮ ಮಕ್ಕಳಿಗೆ ಕನ್ನಡ ಸಾಹಿತ್ಯದ ಪರಿಚಯ ಮಾಡಿಸುವ ಕೆಲಸ ಆಗಬೇಕು.

ಸ್ವರ್ಣ ಗೌರಿ ಪ್ರಾಥಮಿಕವಾಗಿ ನುಡಿದರು.

ಈ ಕಾರ್ಯಕ್ರಮದಲ್ಲಿ ಅಕ್ಕನ ಬಳಗದ ವಿಮಲಾಂಭ ಅನಿಲ್ ಕುಮಾರ್ ಹಾಗೂ ಮಹಂತಿನ ಮಠದ ಮಾಜಿ ನಿರ್ದೇಶಕರಾದ ಸಿ. ಸುರೇಶ್ ಬಾಬು ರವರುಗಳನ್ನು, ಗೌರವಿಸಿ, ಸನ್ಮಾನಿಸಲಾಯಿತು.

ಜಿಲ್ಲಾ ಶರಣ ಸಾಹಿತ್ಯ ಪರಿಷತ್ತಿನ ಅಧ್ಯಕ್ಷರಾದ ಚಂದ್ರಶೇಖರ್ ಹಡಪದ್, ಇನ್ನರ್ ವೀಲ್ ಕ್ಲಬ್ ಮಾಜಿ ಅಧ್ಯಕ್ಷರಾದ ರಾದಮ್ಮ ಪಿ. ಚಂದ್ರಪ್ಪ, ಮಹಂತಿನ ಮಠ ಧರ್ಮ ಸಂಸ್ಥೆಯ ಕಾರ್ಯದರ್ಶಿಗಳಾದ ವಿ. ವಿಶ್ವನಾಥ್, ತಾಲ್ಲೂಕು ಶರಣ ಸಾಹಿತ್ಯ ಪರಿಷತ್ತಿನ ಮಾ. ಸುರೇಶ್ ಬಾಬು, ಶ್ರೀ ವೀರಭದ್ರ ಸ್ವಾಮಿ ಗೋಷ್ಠಿ ಅಕ್ಕನ ಬಳಗ ಟ್ರಸ್ಟ್ ನ ಅಧ್ಯಕ್ಷರಾದ ಡಿ. ಅನಿಲ್ ಕುಮಾರ್ ಉಪಸ್ಥಿತರಿದ್ದರು.

YOUTH INSPIRATION AWARDS Festival
ವಿಜಯಪುರ ಪಟ್ಟಣದ ಸ್ಪಂದನ ಯುವಜನ ಸೇವಾ ಸಂಘದಲ್ಲಿ ನೀಡಲಾದ ಪ್ರಶಸ್ತಿಯನ್ನು ಸಂಘದ ಅಧ್ಯಕ್ಷ ಡಾ.ವಿ. ಪ್ರಶಾಂತರವರಿಗೆ ಬೆಂಗಳೂರು ಉತ್ತರ ಲೋಕಸಭಾ ಕ್ಷೇತ್ರದ ಸಂಸದರಾದ ಶೋಭಾ ಕರಂದ್ಲಾಜೆ ರವರು ನೀಡುತ್ತಿರುವುದು.
ಉತ್ತಮ ಯುವಕ ಸಂಘ ಪ್ರಶಸ್ತಿ
ಸ್ವೀಕರಿಸಿದ ಡಾ.ವಿ. ಪ್ರಶಾಂತ

ವಿಜಯಪುರ, ನ. 29– ಸಂಸತ್ ಕ್ರೀಡಾ ಮಹೋತ್ಸವದಲ್ಲಿ ಉತ್ತಮ ಯುವಕ ಸಂಘ ಪ್ರಶಸ್ತಿಯನ್ನು ಪಟ್ಟಣದ ಸ್ಪಂದನ ಯುವಜನ ಸೇವಾ ಸಂಘ ಸ್ವೀಕರಿಸಿದ್ದು, ಈ ಪ್ರಶಸ್ತಿಯನ್ನು ಸಂಘದ ಅಧ್ಯಕ್ಷ ಡಾ.ವಿ. ಪ್ರಶಾಂತರವರಿಗೆ ಬೆಂಗಳೂರು ಉತ್ತರ ಲೋಕಸಭಾ ಕ್ಷೇತ್ರದ ಸಂಸದರಾದ ಶೋಭಾ ಕರಂದ್ಲಾಜೆ ರವರು ಪ್ರದಾನ ಮಾಡಿದರು. ಸಂಘದ ಕಾರ್ಯದರ್ಶಿ ಎನ್. ಪ್ರಸನ್ನ ಕುಮಾರ್ ಪತ್ರಿಕಾ ಪ್ರಕಟಣೆಯಲ್ಲಿ ತಿಳಿಸಿದರು.

ಅವರು ಪಟ್ಟಣದ ಸ್ಪಂದನ ಯುವಜನ ಸೇವಾ ಸಂಘ ಅವರದಲ್ಲಿ ಸುದ್ದಿಗೋಷ್ಠಿಯಲ್ಲಿ ಮಾತನಾಡಿ, ಬೆಂಗಳೂರು ಉತ್ತರ ಲೋಕಸಭಾ ಕ್ಷೇತ್ರ ಕೆ.ಆರ್. ಪುರಂ ನ ಸರ್ಕಾರಿ ಪ್ರಥಮ ದರ್ಜೆ ಕಾಲೇಜಿನ ಆವರಣದಲ್ಲಿ ಬೆಂಗಳೂರು

ಉತ್ತರ ಲೋಕಸಭಾ ಕ್ಷೇತ್ರದ ಸಂಸದರು ಹಾಗೂ ಕೇಂದ್ರ ಸಚಿವರಾದ ಶೋಭಾ ಕರಂದ್ಲಾಜೆ ಅವರ ನೇತೃತ್ವದಲ್ಲಿ ಸಂಸತ್ ಕ್ರೀಡಾ ಮಹೋತ್ಸವ ಆಯೋಜಿಸಲಾಗಿತ್ತು. ಕ್ರೀಡಾಕೂಟದಲ್ಲಿ ಉತ್ತಮ ಸಾಧನೆ ತೋರಿದ ಯುವಕ ಸಂಘಗಳಿಗೆ ಪ್ರಶಸ್ತಿ ನೀಡಲಾಯಿತು.

ಬೆಂಗಳೂರು ಉತ್ತರ ಲೋಕಸಭಾ ಕ್ಷೇತ್ರ ವ್ಯಾಪ್ತಿಯ ಹಲವು ಯುವಕ ಸಂಘಗಳು ಭಾಗವಹಿಸಿದ್ದವು. ಉತ್ತಮ ಯುವಕ ಸಂಘ ಪ್ರಶಸ್ತಿ ಪಡೆದಿರುವುದು ಸಂತಸ ತಂದಿದೆ ಎಂದರು.

ಕ್ಯಾಂಪಸ್‌ನಲ್ಲಿರುವ ಡಾ. ಬಾಬು ರಾಜೇಂದ್ರ ಪ್ರಸಾದ್ ಅಂತಾರಾಷ್ಟ್ರೀಯ ಸಮಾವೇಶ ಭವನದಲ್ಲಿ ನಡೆದ ಸಂಸತ್ ಕ್ರೀಡಾ ಮಹೋತ್ಸವದ ಸಮಾರೋಪ ಸಮಾರಂಭದಲ್ಲಿ ನೀಡಲಾಯಿತು.

ಕಾರ್ಯಕ್ರಮದಲ್ಲಿ ಮಾಜಿ ಮುಖ್ಯಮಂತ್ರಿಗಳಾದ ಡಿ.ವಿ. ಸದಾನಂದಗೌಡ, ವಿರೋಧ ಪಕ್ಷದ ನಾಯಕ ಚಲವಾದಿ ನಾರಾಯಣಸ್ವಾಮಿ, ಸಂಸದರಾದ ಪಿ.ಸಿ. ಮೋಹನ್, ತೇಜಸ್ವಿ ಸೂರ್ಯ, ಶಾಸಕರಾದ ಮುನಿರತ್ನ ಹಾಗೂ ಕ್ರೀಡಾಪಟುಗಳು ಉಪಸ್ಥಿತರಿದ್ದರು.

ಕಿತ್ತೂರು ರಾಣಿ ಚೆನ್ನಮ್ಮ ಉತ್ತಮ ಹೆಸರು ಪಡೆದಿರುವ ಆಶ್ರಯವೆ. ನಮ್ಮ ಮಕ್ಕಳಿಗೆ ಕನ್ನಡ ಸಾಹಿತ್ಯದ ಪರಿಚಯ ಮಾಡಿಸುವ ಕೆಲಸ ಆಗಬೇಕು.

ಕನ್ನಡ ರಾಜ್ಯೋತ್ಸವ ಆಚರಣೆ

ಬೆಂಗಳೂರು.ನ29: ಗ್ರಾಮಾಂತರ ಜಿಲ್ಲಾ ಶರಣ ಸಾಹಿತ್ಯ, ಬೆಂಗಳೂರು ಗ್ರಾಮಾಂತರ ಜಿಲ್ಲಾ ಕದಳಿ ಮಹಿಳಾ ವೇದಿಕೆ ವತಿಯಿಂದ ಕನ್ನಡ ರಾಜ್ಯೋತ್ಸವ ಹಾಗೂ ಅಪ್ಪಯ್ಯಣ್ಣ ನಂಜಮ್ಮ ದತ್ತಿ ಕಾರ್ಯಕ್ರಮವನ್ನು ಅ. ಶಿ. ವೈ. ನಗರ್ತ ಮಹಂತಿನ ಮಠ ಧರ್ಮಸಂಸ್ಥೆ ಸಭಾಂಗಣದಲ್ಲಿ ಹಮ್ಮಿಕೊಳ್ಳಲಾಗಿತ್ತು.

ಉದ್ಘಾಟನೆಯನ್ನು ಇನ್ನರ್ ವೀಲ್ ಕ್ಲಬ್ ಮಾಜಿ ಅಧ್ಯಕ್ಷರಾದ ಶ್ರೀಮತಿ ರಾಧಾ ಚಂದ್ರಪ್ಪ ರವರು ನೆರವೇರಿಸಿದರು. ಈ ಸಂದರ್ಭದಲ್ಲಿ ಕನ್ನಡ ರಾಜ್ಯೋತ್ಸವ ಕುರಿತು ವಿ. ಬಸವರಾಜ್ ಉಪನ್ಯಾಸ ನೀಡಿದರು. "ಕನ್ನಡ ನಾಡು – ನುಡಿ – ಸಂಸ್ಕೃತಿ, ನಮ್ಮ ಜವಾಬ್ದಾರಿ" ವಿಷಯದ ಬಗ್ಗೆ ಮಾತನಾಡಿದರು.

ಅಕ್ಕನ ಬಳಗದ ವಿಮಲಾಂಭ ಅನಿಲ್ ಕುಮಾರ್ ಮತ್ತು ಮಹಂತಿನ ಮಠದ ಮಾಜಿ ನಿರ್ದೇಶಕರಾದ ಸಿ. ಸುರೇಶ್ ಬಾಬು ರವರಿಗೆ ಗೌರವ ಸನ್ಮಾನ ಮಾಡಲಾಯಿತು. ಕಾರ್ಯಕ್ರಮದಲ್ಲಿ ಚಂದ್ರಶೇಖರ್ ಹಡಪದ್, ವಿ. ವಿಶ್ವನಾಥ್, ಆರ್. ಮುನಿರಾಜು, ಮ. ಸುರೇಶ್ ಬಾಬು, ವಿ. ಅನಿಲ್ ಕುಮಾರ್, ಚೆ. ಮಾ. ಸುಧಾಕರ್, ಮ. ಜಯದೇವ್ ಮತ್ತು ಅಕ್ಕನ ಬಳಗದ ಸದಸ್ಯರು ಉಪಸ್ಥಿತರಿದ್ದರು.
